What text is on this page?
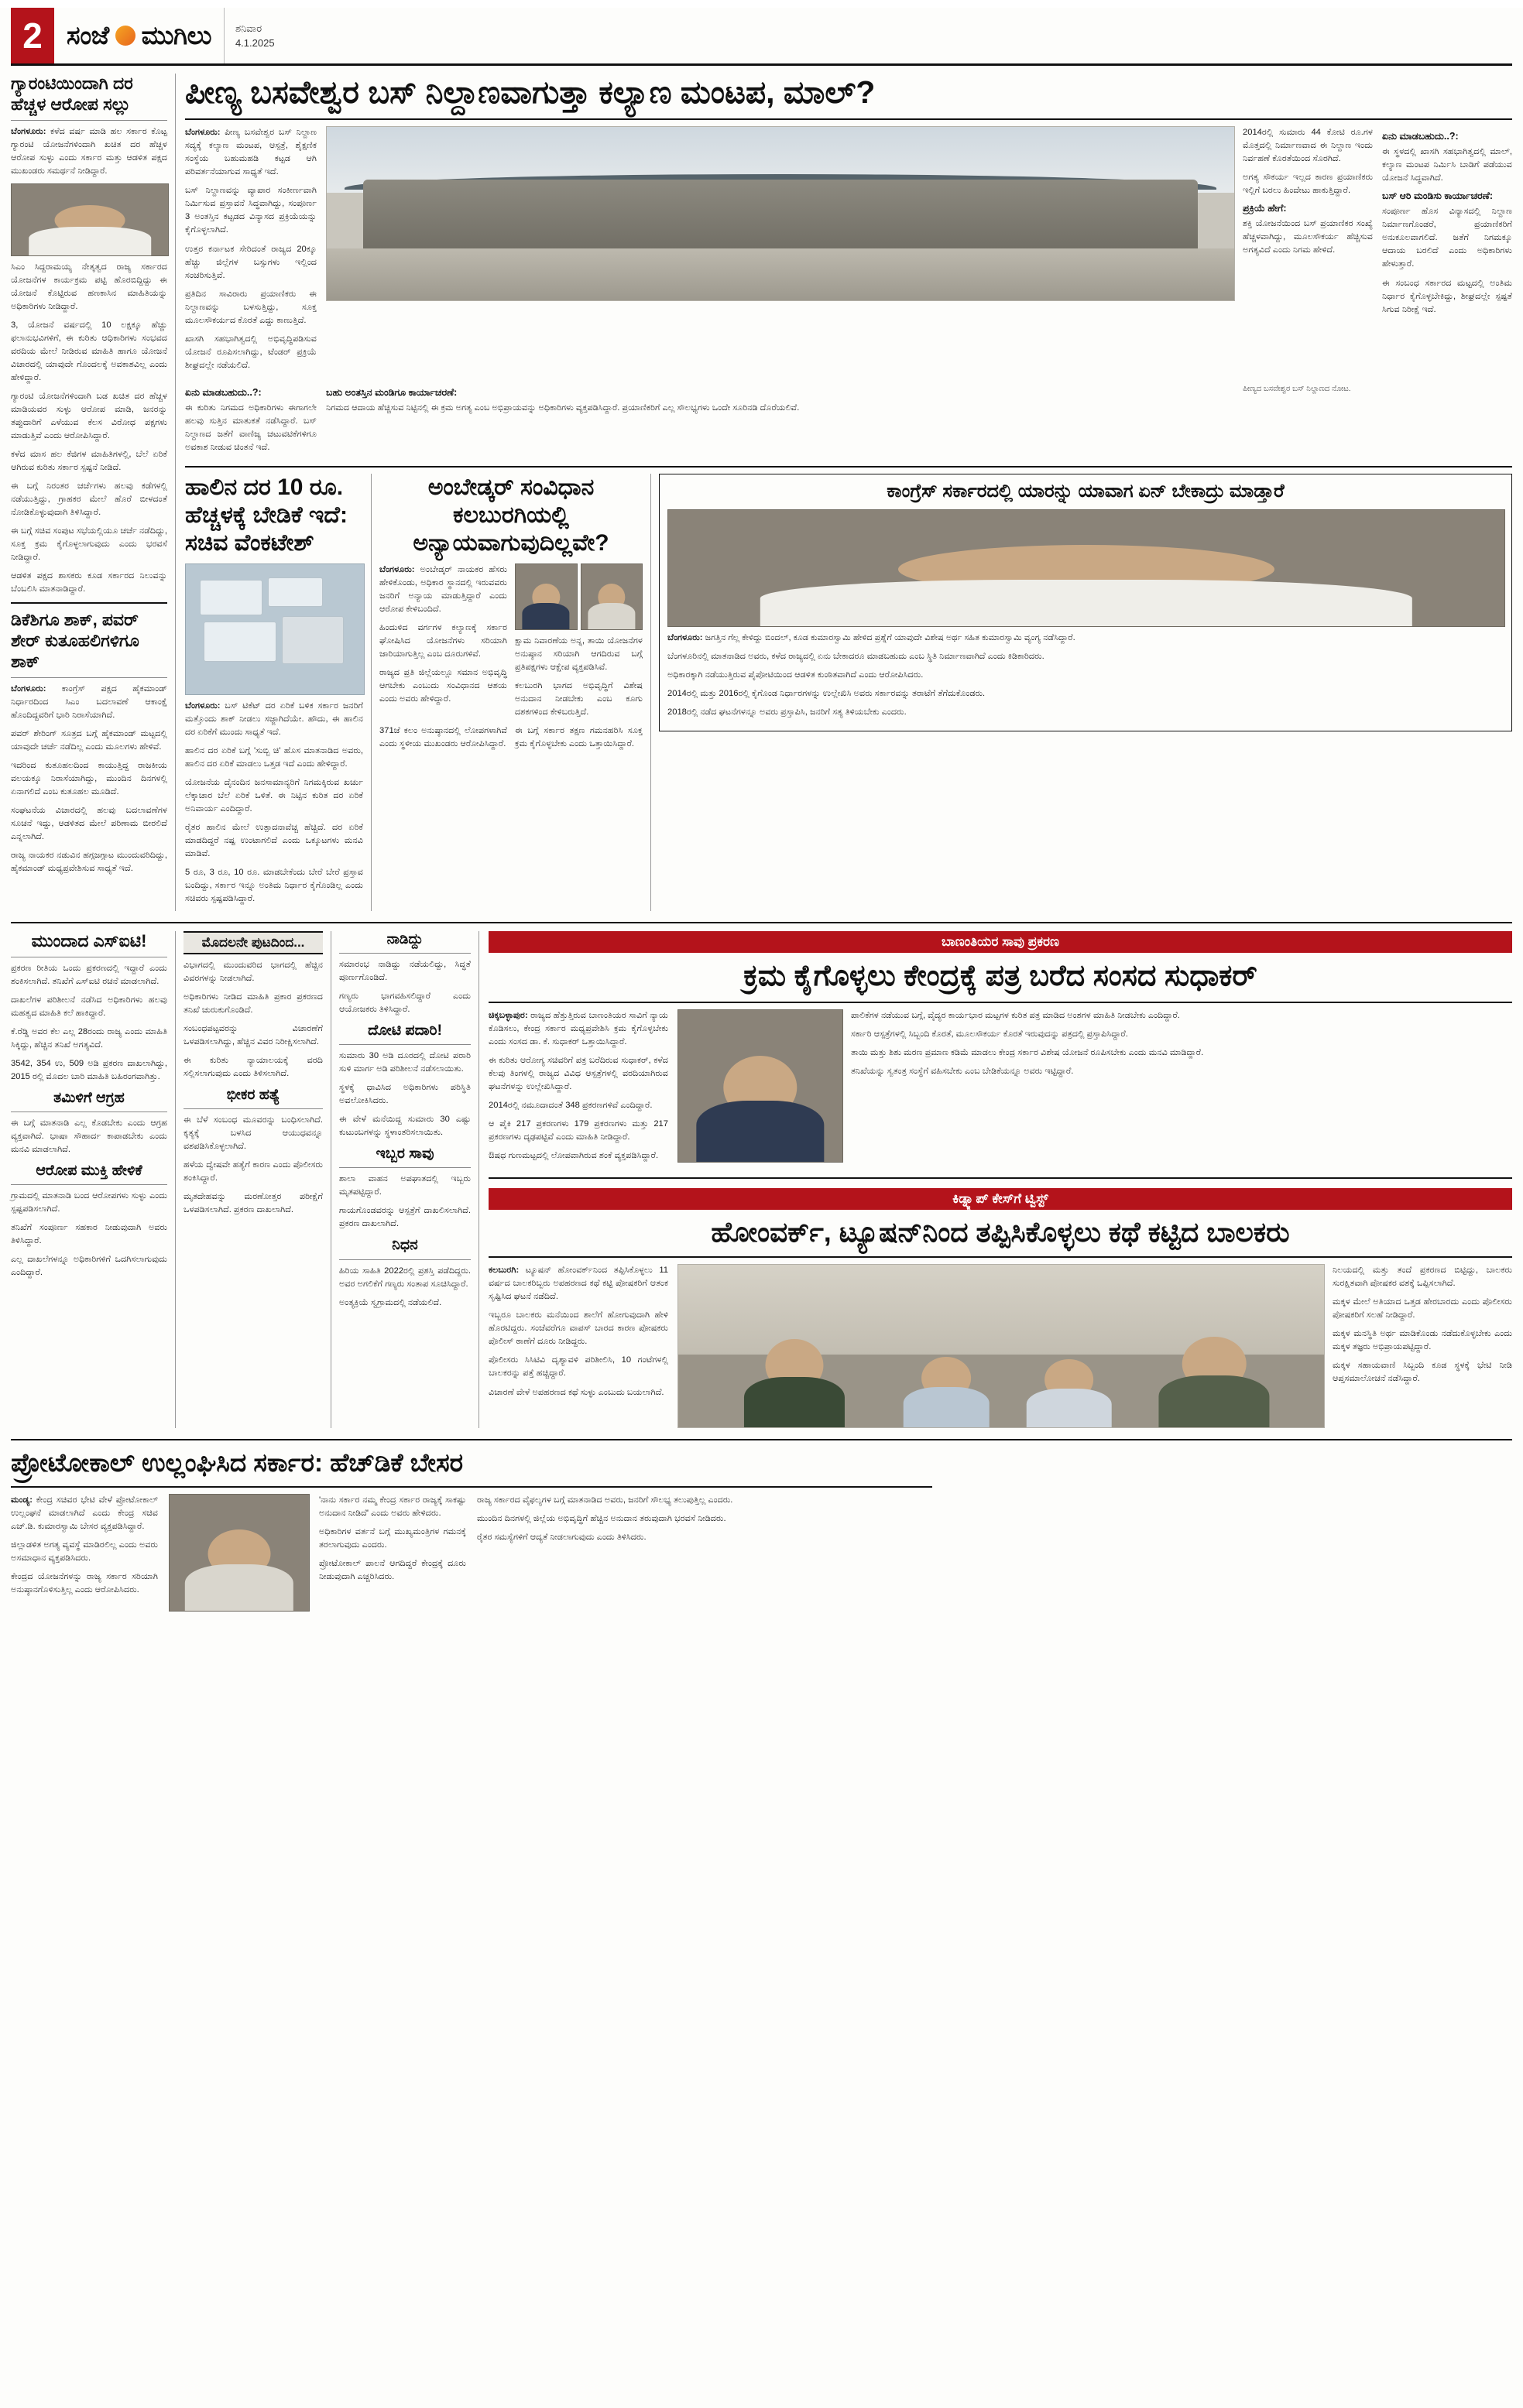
2 ಸಂಜೆ ಮುಗಿಲು ಶನಿವಾರ
4.1.2025
ಗ್ಯಾರಂಟಿಯಿಂದಾಗಿ ದರ ಹೆಚ್ಚಳ ಆರೋಪ ಸಲ್ಲು

ಬೆಂಗಳೂರು: ಕಳೆದ ವರ್ಷ ಮಾಡಿ ಹಲ ಸರ್ಕಾರ ಕೊಟ್ಟ ಗ್ಯಾರಂಟಿ ಯೋಜನೆಗಳಿಂದಾಗಿ ಖಚಿತ ದರ ಹೆಚ್ಚಳ ಆರೋಪ ಸುಳ್ಳು ಎಂದು ಸರ್ಕಾರ ಮತ್ತು ಆಡಳಿತ ಪಕ್ಷದ ಮುಖಂಡರು ಸಮರ್ಥನೆ ನೀಡಿದ್ದಾರೆ.

ಸಿಎಂ ಸಿದ್ದರಾಮಯ್ಯ ನೇತೃತ್ವದ ರಾಜ್ಯ ಸರ್ಕಾರದ ಯೋಜನೆಗಳ ಕಾರ್ಯಕ್ರಮ ಪಟ್ಟಿ ಹೊರಬಿದ್ದಿದ್ದು ಈ ಯೋಜನೆ ಕೊಟ್ಟಿರುವ ಹಣಕಾಸಿನ ಮಾಹಿತಿಯನ್ನು ಅಧಿಕಾರಿಗಳು ನೀಡಿದ್ದಾರೆ.

3, ಯೋಜನೆ ವರ್ಷದಲ್ಲಿ 10 ಲಕ್ಷಕ್ಕೂ ಹೆಚ್ಚು ಫಲಾನುಭವಿಗಳಿಗೆ, ಈ ಕುರಿತು ಆಧಿಕಾರಿಗಳು ಸಂಭವದ ವರದಿಯ ಮೇಲೆ ನೀಡಿರುವ ಮಾಹಿತಿ ಹಾಗೂ ಯೋಜನೆ ವಿಚಾರದಲ್ಲಿ ಯಾವುದೇ ಗೊಂದಲಕ್ಕೆ ಅವಕಾಶವಿಲ್ಲ ಎಂದು ಹೇಳಿದ್ದಾರೆ.

ಗ್ಯಾರಂಟಿ ಯೋಜನೆಗಳಿಂದಾಗಿ ಬಡ ಖಚಿತ ದರ ಹೆಚ್ಚಳ ಮಾಡಿಯವರ ಸುಳ್ಳು ಆರೋಪ ಮಾಡಿ, ಜನರನ್ನು ತಪ್ಪುದಾರಿಗೆ ಎಳೆಯುವ ಕೆಲಸ ವಿರೋಧ ಪಕ್ಷಗಳು ಮಾಡುತ್ತಿವೆ ಎಂದು ಆರೋಪಿಸಿದ್ದಾರೆ.

ಕಳೆದ ಮಾಸ ಹಲ ಕೆಜಿಗಳ ಮಾಹಿತಿಗಳಲ್ಲಿ, ಬೆಲೆ ಏರಿಕೆ ಆಗಿರುವ ಕುರಿತು ಸರ್ಕಾರ ಸ್ಪಷ್ಟನೆ ನೀಡಿದೆ.

ಈ ಬಗ್ಗೆ ನಿರಂತರ ಚರ್ಚೆಗಳು ಹಲವು ಕಡೆಗಳಲ್ಲಿ ನಡೆಯುತ್ತಿದ್ದು, ಗ್ರಾಹಕರ ಮೇಲೆ ಹೊರೆ ಬೀಳದಂತೆ ನೋಡಿಕೊಳ್ಳುವುದಾಗಿ ತಿಳಿಸಿದ್ದಾರೆ.

ಈ ಬಗ್ಗೆ ಸಚಿವ ಸಂಪುಟ ಸಭೆಯಲ್ಲಿಯೂ ಚರ್ಚೆ ನಡೆದಿದ್ದು, ಸೂಕ್ತ ಕ್ರಮ ಕೈಗೊಳ್ಳಲಾಗುವುದು ಎಂದು ಭರವಸೆ ನೀಡಿದ್ದಾರೆ.

ಆಡಳಿತ ಪಕ್ಷದ ಶಾಸಕರು ಕೂಡ ಸರ್ಕಾರದ ನಿಲುವನ್ನು ಬೆಂಬಲಿಸಿ ಮಾತನಾಡಿದ್ದಾರೆ.

ಡಿಕೆಶಿಗೂ ಶಾಕ್, ಪವರ್ ಶೇರ್ ಕುತೂಹಲಿಗಳಿಗೂ ಶಾಕ್

ಬೆಂಗಳೂರು: ಕಾಂಗ್ರೆಸ್ ಪಕ್ಷದ ಹೈಕಮಾಂಡ್ ನಿರ್ಧಾರದಿಂದ ಸಿಎಂ ಬದಲಾವಣೆ ಆಕಾಂಕ್ಷೆ ಹೊಂದಿದ್ದವರಿಗೆ ಭಾರಿ ನಿರಾಸೆಯಾಗಿದೆ.

ಪವರ್ ಶೇರಿಂಗ್ ಸೂತ್ರದ ಬಗ್ಗೆ ಹೈಕಮಾಂಡ್ ಮಟ್ಟದಲ್ಲಿ ಯಾವುದೇ ಚರ್ಚೆ ನಡೆದಿಲ್ಲ ಎಂದು ಮೂಲಗಳು ಹೇಳಿವೆ.

ಇದರಿಂದ ಕುತೂಹಲದಿಂದ ಕಾಯುತ್ತಿದ್ದ ರಾಜಕೀಯ ವಲಯಕ್ಕೂ ನಿರಾಸೆಯಾಗಿದ್ದು, ಮುಂದಿನ ದಿನಗಳಲ್ಲಿ ಏನಾಗಲಿದೆ ಎಂಬ ಕುತೂಹಲ ಮೂಡಿದೆ.

ಸಂಘಟನೆಯ ವಿಚಾರದಲ್ಲಿ ಹಲವು ಬದಲಾವಣೆಗಳ ಸೂಚನೆ ಇದ್ದು, ಆಡಳಿತದ ಮೇಲೆ ಪರಿಣಾಮ ಬೀರಲಿದೆ ಎನ್ನಲಾಗಿದೆ.

ರಾಜ್ಯ ನಾಯಕರ ನಡುವಿನ ಹಗ್ಗಜಗ್ಗಾಟ ಮುಂದುವರಿದಿದ್ದು, ಹೈಕಮಾಂಡ್ ಮಧ್ಯಪ್ರವೇಶಿಸುವ ಸಾಧ್ಯತೆ ಇದೆ.

ಪೀಣ್ಯ ಬಸವೇಶ್ವರ ಬಸ್ ನಿಲ್ದಾಣವಾಗುತ್ತಾ ಕಲ್ಯಾಣ ಮಂಟಪ, ಮಾಲ್?

ಬೆಂಗಳೂರು: ಪೀಣ್ಯ ಬಸವೇಶ್ವರ ಬಸ್ ನಿಲ್ದಾಣ ಸದ್ಯಕ್ಕೆ ಕಲ್ಯಾಣ ಮಂಟಪ, ಆಸ್ಪತ್ರೆ, ಶೈಕ್ಷಣಿಕ ಸಂಸ್ಥೆಯ ಬಹುಮಹಡಿ ಕಟ್ಟಡ ಆಗಿ ಪರಿವರ್ತನೆಯಾಗುವ ಸಾಧ್ಯತೆ ಇದೆ.

ಬಸ್ ನಿಲ್ದಾಣವನ್ನು ವ್ಯಾಪಾರ ಸಂಕೀರ್ಣವಾಗಿ ನಿರ್ಮಿಸುವ ಪ್ರಸ್ತಾವನೆ ಸಿದ್ಧವಾಗಿದ್ದು, ಸಂಪೂರ್ಣ 3 ಅಂತಸ್ತಿನ ಕಟ್ಟಡದ ವಿನ್ಯಾಸದ ಪ್ರಕ್ರಿಯೆಯನ್ನು ಕೈಗೊಳ್ಳಲಾಗಿದೆ.

ಉತ್ತರ ಕರ್ನಾಟಕ ಸೇರಿದಂತೆ ರಾಜ್ಯದ 20ಕ್ಕೂ ಹೆಚ್ಚು ಜಿಲ್ಲೆಗಳ ಬಸ್ಸುಗಳು ಇಲ್ಲಿಂದ ಸಂಚರಿಸುತ್ತಿವೆ.

ಪ್ರತಿದಿನ ಸಾವಿರಾರು ಪ್ರಯಾಣಿಕರು ಈ ನಿಲ್ದಾಣವನ್ನು ಬಳಸುತ್ತಿದ್ದು, ಸೂಕ್ತ ಮೂಲಸೌಕರ್ಯದ ಕೊರತೆ ಎದ್ದು ಕಾಣುತ್ತಿದೆ.

ಖಾಸಗಿ ಸಹಭಾಗಿತ್ವದಲ್ಲಿ ಅಭಿವೃದ್ಧಿಪಡಿಸುವ ಯೋಜನೆ ರೂಪಿಸಲಾಗಿದ್ದು, ಟೆಂಡರ್ ಪ್ರಕ್ರಿಯೆ ಶೀಘ್ರದಲ್ಲೇ ನಡೆಯಲಿದೆ.

2014ರಲ್ಲಿ ಸುಮಾರು 44 ಕೋಟಿ ರೂ.ಗಳ ಮೊತ್ತದಲ್ಲಿ ನಿರ್ಮಾಣವಾದ ಈ ನಿಲ್ದಾಣ ಇಂದು ನಿರ್ವಹಣೆ ಕೊರತೆಯಿಂದ ಸೊರಗಿದೆ.

ಅಗತ್ಯ ಸೌಕರ್ಯ ಇಲ್ಲದ ಕಾರಣ ಪ್ರಯಾಣಿಕರು ಇಲ್ಲಿಗೆ ಬರಲು ಹಿಂದೇಟು ಹಾಕುತ್ತಿದ್ದಾರೆ.

ಪ್ರಕ್ರಿಯೆ ಹೇಗೆ:

ಶಕ್ತಿ ಯೋಜನೆಯಿಂದ ಬಸ್ ಪ್ರಯಾಣಿಕರ ಸಂಖ್ಯೆ ಹೆಚ್ಚಳವಾಗಿದ್ದು, ಮೂಲಸೌಕರ್ಯ ಹೆಚ್ಚಿಸುವ ಅಗತ್ಯವಿದೆ ಎಂದು ನಿಗಮ ಹೇಳಿದೆ.

ಏನು ಮಾಡಬಹುದು..?:

ಈ ಸ್ಥಳದಲ್ಲಿ ಖಾಸಗಿ ಸಹಭಾಗಿತ್ವದಲ್ಲಿ ಮಾಲ್, ಕಲ್ಯಾಣ ಮಂಟಪ ನಿರ್ಮಿಸಿ ಬಾಡಿಗೆ ಪಡೆಯುವ ಯೋಜನೆ ಸಿದ್ಧವಾಗಿದೆ.

ಬಸ್ ಆರಿ ಮಂಡಿಸು ಕಾರ್ಯಾಚರಣೆ:

ಸಂಪೂರ್ಣ ಹೊಸ ವಿನ್ಯಾಸದಲ್ಲಿ ನಿಲ್ದಾಣ ನಿರ್ಮಾಣಗೊಂಡರೆ, ಪ್ರಯಾಣಿಕರಿಗೆ ಅನುಕೂಲವಾಗಲಿದೆ. ಜತೆಗೆ ನಿಗಮಕ್ಕೂ ಆದಾಯ ಬರಲಿದೆ ಎಂದು ಅಧಿಕಾರಿಗಳು ಹೇಳುತ್ತಾರೆ.

ಈ ಸಂಬಂಧ ಸರ್ಕಾರದ ಮಟ್ಟದಲ್ಲಿ ಅಂತಿಮ ನಿರ್ಧಾರ ಕೈಗೊಳ್ಳಬೇಕಿದ್ದು, ಶೀಘ್ರದಲ್ಲೇ ಸ್ಪಷ್ಟತೆ ಸಿಗುವ ನಿರೀಕ್ಷೆ ಇದೆ.

ಏನು ಮಾಡಬಹುದು..?:

ಈ ಕುರಿತು ನಿಗಮದ ಅಧಿಕಾರಿಗಳು ಈಗಾಗಲೇ ಹಲವು ಸುತ್ತಿನ ಮಾತುಕತೆ ನಡೆಸಿದ್ದಾರೆ. ಬಸ್ ನಿಲ್ದಾಣದ ಜತೆಗೆ ವಾಣಿಜ್ಯ ಚಟುವಟಿಕೆಗಳಿಗೂ ಅವಕಾಶ ನೀಡುವ ಚಿಂತನೆ ಇದೆ.

ಬಹು ಅಂತಸ್ತಿನ ಮಂಡಿಗೂ ಕಾರ್ಯಾಚರಣೆ:

ನಿಗಮದ ಆದಾಯ ಹೆಚ್ಚಿಸುವ ನಿಟ್ಟಿನಲ್ಲಿ ಈ ಕ್ರಮ ಅಗತ್ಯ ಎಂಬ ಅಭಿಪ್ರಾಯವನ್ನು ಅಧಿಕಾರಿಗಳು ವ್ಯಕ್ತಪಡಿಸಿದ್ದಾರೆ. ಪ್ರಯಾಣಿಕರಿಗೆ ಎಲ್ಲ ಸೌಲಭ್ಯಗಳು ಒಂದೇ ಸೂರಿನಡಿ ದೊರೆಯಲಿವೆ.

ಪೀಣ್ಯದ ಬಸವೇಶ್ವರ ಬಸ್ ನಿಲ್ದಾಣದ ನೋಟ.

ಹಾಲಿನ ದರ 10 ರೂ. ಹೆಚ್ಚಳಕ್ಕೆ ಬೇಡಿಕೆ ಇದೆ: ಸಚಿವ ವೆಂಕಟೇಶ್

ಬೆಂಗಳೂರು: ಬಸ್ ಟಿಕೆಟ್ ದರ ಏರಿಕೆ ಬಳಿಕ ಸರ್ಕಾರ ಜನರಿಗೆ ಮತ್ತೊಂದು ಶಾಕ್ ನೀಡಲು ಸಜ್ಜಾಗಿದೆಯೇ. ಹೌದು, ಈ ಹಾಲಿನ ದರ ಏರಿಕೆಗೆ ಮುಂದು ಸಾಧ್ಯತೆ ಇದೆ.

ಹಾಲಿನ ದರ ಏರಿಕೆ ಬಗ್ಗೆ 'ಸುಬ್ಬಿ ಚಿ' ಹೊಸ ಮಾತನಾಡಿದ ಅವರು, ಹಾಲಿನ ದರ ಏರಿಕೆ ಮಾಡಲು ಒತ್ತಡ ಇದೆ ಎಂದು ಹೇಳಿದ್ದಾರೆ.

ಯೋಜನೆಯ ದೈನಂದಿನ ಜನಸಾಮಾನ್ಯರಿಗೆ ನಿಗಮಕ್ಕಿರುವ ಖರ್ಚು ಲೆಕ್ಕಾಚಾರ ಬೆಲೆ ಏರಿಕೆ ಒಳಿತೆ. ಈ ನಿಟ್ಟಿನ ಕುರಿತ ದರ ಏರಿಕೆ ಅನಿವಾರ್ಯ ಎಂದಿದ್ದಾರೆ.

ರೈತರ ಹಾಲಿನ ಮೇಲೆ ಉತ್ಪಾದನಾವೆಚ್ಚ ಹೆಚ್ಚಿದೆ. ದರ ಏರಿಕೆ ಮಾಡದಿದ್ದರೆ ನಷ್ಟ ಉಂಟಾಗಲಿದೆ ಎಂದು ಒಕ್ಕೂಟಗಳು ಮನವಿ ಮಾಡಿವೆ.

5 ರೂ, 3 ರೂ, 10 ರೂ. ಮಾಡಬೇಕೆಂದು ಬೇರೆ ಬೇರೆ ಪ್ರಸ್ತಾವ ಬಂದಿದ್ದು, ಸರ್ಕಾರ ಇನ್ನೂ ಅಂತಿಮ ನಿರ್ಧಾರ ಕೈಗೊಂಡಿಲ್ಲ ಎಂದು ಸಚಿವರು ಸ್ಪಷ್ಟಪಡಿಸಿದ್ದಾರೆ.

ಅಂಬೇಡ್ಕರ್ ಸಂವಿಧಾನ ಕಲಬುರಗಿಯಲ್ಲಿ ಅನ್ಯಾಯವಾಗುವುದಿಲ್ಲವೇ?

ಬೆಂಗಳೂರು: ಅಂಬೇಡ್ಕರ್ ನಾಯಕರ ಹೆಸರು ಹೇಳಿಕೊಂಡು, ಅಧಿಕಾರ ಸ್ಥಾನದಲ್ಲಿ ಇರುವವರು ಜನರಿಗೆ ಅನ್ಯಾಯ ಮಾಡುತ್ತಿದ್ದಾರೆ ಎಂದು ಆರೋಪ ಕೇಳಿಬಂದಿದೆ.

ಹಿಂದುಳಿದ ವರ್ಗಗಳ ಕಲ್ಯಾಣಕ್ಕೆ ಸರ್ಕಾರ ಘೋಷಿಸಿದ ಯೋಜನೆಗಳು ಸರಿಯಾಗಿ ಜಾರಿಯಾಗುತ್ತಿಲ್ಲ ಎಂಬ ದೂರುಗಳಿವೆ.

ರಾಜ್ಯದ ಪ್ರತಿ ಜಿಲ್ಲೆಯಲ್ಲೂ ಸಮಾನ ಅಭಿವೃದ್ಧಿ ಆಗಬೇಕು ಎಂಬುದು ಸಂವಿಧಾನದ ಆಶಯ ಎಂದು ಅವರು ಹೇಳಿದ್ದಾರೆ.

ಕ್ಷಾಮ ನಿವಾರಣೆಯ ಅನ್ನ, ತಾಯಿ ಯೋಜನೆಗಳ ಅನುಷ್ಠಾನ ಸರಿಯಾಗಿ ಆಗದಿರುವ ಬಗ್ಗೆ ಪ್ರತಿಪಕ್ಷಗಳು ಆಕ್ಷೇಪ ವ್ಯಕ್ತಪಡಿಸಿವೆ.

ಕಲಬುರಗಿ ಭಾಗದ ಅಭಿವೃದ್ಧಿಗೆ ವಿಶೇಷ ಅನುದಾನ ನೀಡಬೇಕು ಎಂಬ ಕೂಗು ದಶಕಗಳಿಂದ ಕೇಳಿಬರುತ್ತಿದೆ.

371ಜೆ ಕಲಂ ಅನುಷ್ಠಾನದಲ್ಲಿ ಲೋಪಗಳಾಗಿವೆ ಎಂದು ಸ್ಥಳೀಯ ಮುಖಂಡರು ಆರೋಪಿಸಿದ್ದಾರೆ.

ಈ ಬಗ್ಗೆ ಸರ್ಕಾರ ತಕ್ಷಣ ಗಮನಹರಿಸಿ ಸೂಕ್ತ ಕ್ರಮ ಕೈಗೊಳ್ಳಬೇಕು ಎಂದು ಒತ್ತಾಯಿಸಿದ್ದಾರೆ.

ಕಾಂಗ್ರೆಸ್ ಸರ್ಕಾರದಲ್ಲಿ ಯಾರನ್ನು ಯಾವಾಗ ಏನ್ ಬೇಕಾದ್ರು ಮಾಡ್ತಾರೆ

ಬೆಂಗಳೂರು: ಜಗತ್ತಿನ ಗೆಲ್ಲ ಕೇಳಿದ್ದು ಬಿಂದಲ್, ಕೂಡ ಕುಮಾರಸ್ವಾಮಿ ಹೇಳಿದ ಪ್ರಶ್ನೆಗೆ ಯಾವುದೇ ವಿಶೇಷ ಅರ್ಥ ಸಹಿತ ಕುಮಾರಸ್ವಾಮಿ ವ್ಯಂಗ್ಯ ನಡೆಸಿದ್ದಾರೆ.

ಬೆಂಗಳೂರಿನಲ್ಲಿ ಮಾತನಾಡಿದ ಅವರು, ಕಳೆದ ರಾಜ್ಯದಲ್ಲಿ ಏನು ಬೇಕಾದರೂ ಮಾಡಬಹುದು ಎಂಬ ಸ್ಥಿತಿ ನಿರ್ಮಾಣವಾಗಿದೆ ಎಂದು ಕಿಡಿಕಾರಿದರು.

ಅಧಿಕಾರಕ್ಕಾಗಿ ನಡೆಯುತ್ತಿರುವ ಪೈಪೋಟಿಯಿಂದ ಆಡಳಿತ ಕುಂಠಿತವಾಗಿದೆ ಎಂದು ಆರೋಪಿಸಿದರು.

2014ರಲ್ಲಿ ಮತ್ತು 2016ರಲ್ಲಿ ಕೈಗೊಂಡ ನಿರ್ಧಾರಗಳನ್ನು ಉಲ್ಲೇಖಿಸಿ ಅವರು ಸರ್ಕಾರವನ್ನು ತರಾಟೆಗೆ ತೆಗೆದುಕೊಂಡರು.

2018ರಲ್ಲಿ ನಡೆದ ಘಟನೆಗಳನ್ನೂ ಅವರು ಪ್ರಸ್ತಾಪಿಸಿ, ಜನರಿಗೆ ಸತ್ಯ ತಿಳಿಯಬೇಕು ಎಂದರು.

ಮುಂದಾದ ಎಸ್ಐಟಿ!

ಪ್ರಕರಣ ರೀತಿಯ ಒಂದು ಪ್ರಕರಣದಲ್ಲಿ ಇದ್ದಾರೆ ಎಂದು ಶಂಕಿಸಲಾಗಿದೆ. ತನಿಖೆಗೆ ಎಸ್ಐಟಿ ರಚನೆ ಮಾಡಲಾಗಿದೆ.

ದಾಖಲೆಗಳ ಪರಿಶೀಲನೆ ನಡೆಸಿದ ಅಧಿಕಾರಿಗಳು ಹಲವು ಮಹತ್ವದ ಮಾಹಿತಿ ಕಲೆ ಹಾಕಿದ್ದಾರೆ.

ಕೆ.ರೆಡ್ಡಿ ಅವರ ಕೆಲ ಎಲ್ಲ 28ರಂದು ರಾಜ್ಯ ಎಂದು ಮಾಹಿತಿ ಸಿಕ್ಕಿದ್ದು, ಹೆಚ್ಚಿನ ತನಿಖೆ ಅಗತ್ಯವಿದೆ.

3542, 354 ಉ, 509 ಅಡಿ ಪ್ರಕರಣ ದಾಖಲಾಗಿದ್ದು, 2015 ರಲ್ಲಿ ಮೊದಲ ಬಾರಿ ಮಾಹಿತಿ ಬಹಿರಂಗವಾಗಿತ್ತು.

ತಮಿಳಿಗೆ ಆಗ್ರಹ

ಈ ಬಗ್ಗೆ ಮಾತನಾಡಿ ಎಲ್ಲ ಕೊಡಬೇಕು ಎಂದು ಆಗ್ರಹ ವ್ಯಕ್ತವಾಗಿದೆ. ಭಾಷಾ ಸೌಹಾರ್ದ ಕಾಪಾಡಬೇಕು ಎಂದು ಮನವಿ ಮಾಡಲಾಗಿದೆ.

ಆರೋಪ ಮುಕ್ತಿ ಹೇಳಿಕೆ

ಗ್ರಾಮದಲ್ಲಿ ಮಾತನಾಡಿ ಬಂದ ಆರೋಪಗಳು ಸುಳ್ಳು ಎಂದು ಸ್ಪಷ್ಟಪಡಿಸಲಾಗಿದೆ.

ತನಿಖೆಗೆ ಸಂಪೂರ್ಣ ಸಹಕಾರ ನೀಡುವುದಾಗಿ ಅವರು ತಿಳಿಸಿದ್ದಾರೆ.

ಎಲ್ಲ ದಾಖಲೆಗಳನ್ನೂ ಅಧಿಕಾರಿಗಳಿಗೆ ಒದಗಿಸಲಾಗುವುದು ಎಂದಿದ್ದಾರೆ.

ಮೊದಲನೇ ಪುಟದಿಂದ...

ವಿಭಾಗದಲ್ಲಿ ಮುಂದುವರಿದ ಭಾಗದಲ್ಲಿ ಹೆಚ್ಚಿನ ವಿವರಗಳನ್ನು ನೀಡಲಾಗಿದೆ.

ಅಧಿಕಾರಿಗಳು ನೀಡಿದ ಮಾಹಿತಿ ಪ್ರಕಾರ ಪ್ರಕರಣದ ತನಿಖೆ ಚುರುಕುಗೊಂಡಿದೆ.

ಸಂಬಂಧಪಟ್ಟವರನ್ನು ವಿಚಾರಣೆಗೆ ಒಳಪಡಿಸಲಾಗಿದ್ದು, ಹೆಚ್ಚಿನ ವಿವರ ನಿರೀಕ್ಷಿಸಲಾಗಿದೆ.

ಈ ಕುರಿತು ನ್ಯಾಯಾಲಯಕ್ಕೆ ವರದಿ ಸಲ್ಲಿಸಲಾಗುವುದು ಎಂದು ತಿಳಿಸಲಾಗಿದೆ.

ಭೀಕರ ಹತ್ಯೆ

ಈ ಬೆಳೆ ಸಂಬಂಧ ಮೂವರನ್ನು ಬಂಧಿಸಲಾಗಿದೆ. ಕೃತ್ಯಕ್ಕೆ ಬಳಸಿದ ಆಯುಧವನ್ನೂ ವಶಪಡಿಸಿಕೊಳ್ಳಲಾಗಿದೆ.

ಹಳೆಯ ದ್ವೇಷವೇ ಹತ್ಯೆಗೆ ಕಾರಣ ಎಂದು ಪೊಲೀಸರು ಶಂಕಿಸಿದ್ದಾರೆ.

ಮೃತದೇಹವನ್ನು ಮರಣೋತ್ತರ ಪರೀಕ್ಷೆಗೆ ಒಳಪಡಿಸಲಾಗಿದೆ. ಪ್ರಕರಣ ದಾಖಲಾಗಿದೆ.

ನಾಡಿದ್ದು

ಸಮಾರಂಭ ನಾಡಿದ್ದು ನಡೆಯಲಿದ್ದು, ಸಿದ್ಧತೆ ಪೂರ್ಣಗೊಂಡಿದೆ.

ಗಣ್ಯರು ಭಾಗವಹಿಸಲಿದ್ದಾರೆ ಎಂದು ಆಯೋಜಕರು ತಿಳಿಸಿದ್ದಾರೆ.

ದೋಟಿ ಪದಾರಿ!

ಸುಮಾರು 30 ಅಡಿ ದೂರದಲ್ಲಿ ದೋಟಿ ಪರಾರಿ ಸುಳಿ ಮಾರ್ಗ ಅಡಿ ಪರಿಶೀಲನೆ ನಡೆಸಲಾಯಿತು.

ಸ್ಥಳಕ್ಕೆ ಧಾವಿಸಿದ ಅಧಿಕಾರಿಗಳು ಪರಿಸ್ಥಿತಿ ಅವಲೋಕಿಸಿದರು.

ಈ ವೇಳೆ ಮನೆಯಿದ್ದ ಸುಮಾರು 30 ಎಷ್ಟು ಕುಟುಂಬಗಳನ್ನು ಸ್ಥಳಾಂತರಿಸಲಾಯಿತು.

ಇಬ್ಬರ ಸಾವು

ಶಾಲಾ ವಾಹನ ಅಪಘಾತದಲ್ಲಿ ಇಬ್ಬರು ಮೃತಪಟ್ಟಿದ್ದಾರೆ.

ಗಾಯಗೊಂಡವರನ್ನು ಆಸ್ಪತ್ರೆಗೆ ದಾಖಲಿಸಲಾಗಿದೆ. ಪ್ರಕರಣ ದಾಖಲಾಗಿದೆ.

ನಿಧನ

ಹಿರಿಯ ಸಾಹಿತಿ 2022ರಲ್ಲಿ ಪ್ರಶಸ್ತಿ ಪಡೆದಿದ್ದರು. ಅವರ ಅಗಲಿಕೆಗೆ ಗಣ್ಯರು ಸಂತಾಪ ಸೂಚಿಸಿದ್ದಾರೆ.

ಅಂತ್ಯಕ್ರಿಯೆ ಸ್ವಗ್ರಾಮದಲ್ಲಿ ನಡೆಯಲಿದೆ.

ಬಾಣಂತಿಯರ ಸಾವು ಪ್ರಕರಣ
ಕ್ರಮ ಕೈಗೊಳ್ಳಲು ಕೇಂದ್ರಕ್ಕೆ ಪತ್ರ ಬರೆದ ಸಂಸದ ಸುಧಾಕರ್

ಚಿಕ್ಕಬಳ್ಳಾಪುರ: ರಾಜ್ಯದ ಹೆತ್ತುತ್ತಿರುವ ಬಾಣಂತಿಯರ ಸಾವಿಗೆ ನ್ಯಾಯ ಕೊಡಿಸಲು, ಕೇಂದ್ರ ಸರ್ಕಾರ ಮಧ್ಯಪ್ರವೇಶಿಸಿ ಕ್ರಮ ಕೈಗೊಳ್ಳಬೇಕು ಎಂದು ಸಂಸದ ಡಾ. ಕೆ. ಸುಧಾಕರ್ ಒತ್ತಾಯಿಸಿದ್ದಾರೆ.

ಈ ಕುರಿತು ಆರೋಗ್ಯ ಸಚಿವರಿಗೆ ಪತ್ರ ಬರೆದಿರುವ ಸುಧಾಕರ್, ಕಳೆದ ಕೆಲವು ತಿಂಗಳಲ್ಲಿ ರಾಜ್ಯದ ವಿವಿಧ ಆಸ್ಪತ್ರೆಗಳಲ್ಲಿ ವರದಿಯಾಗಿರುವ ಘಟನೆಗಳನ್ನು ಉಲ್ಲೇಖಿಸಿದ್ದಾರೆ.

2014ರಲ್ಲಿ ನಮೂದಾದಂತೆ 348 ಪ್ರಕರಣಗಳಿವೆ ಎಂದಿದ್ದಾರೆ.

ಆ ಪೈಕಿ 217 ಪ್ರಕರಣಗಳು 179 ಪ್ರಕರಣಗಳು ಮತ್ತು 217 ಪ್ರಕರಣಗಳು ದೃಢಪಟ್ಟಿವೆ ಎಂದು ಮಾಹಿತಿ ನೀಡಿದ್ದಾರೆ.

ಔಷಧ ಗುಣಮಟ್ಟದಲ್ಲಿ ಲೋಪವಾಗಿರುವ ಶಂಕೆ ವ್ಯಕ್ತಪಡಿಸಿದ್ದಾರೆ.

ಪಾಲಿಕೆಗಳ ನಡೆಯುವ ಬಗ್ಗೆ, ವೈದ್ಯರ ಕಾರ್ಯಭಾರ ಮಟ್ಟಗಳ ಕುರಿತ ಪತ್ರ ಮಾಡಿದ ಅಂಶಗಳ ಮಾಹಿತಿ ನೀಡಬೇಕು ಎಂದಿದ್ದಾರೆ.

ಸರ್ಕಾರಿ ಆಸ್ಪತ್ರೆಗಳಲ್ಲಿ ಸಿಬ್ಬಂದಿ ಕೊರತೆ, ಮೂಲಸೌಕರ್ಯ ಕೊರತೆ ಇರುವುದನ್ನು ಪತ್ರದಲ್ಲಿ ಪ್ರಸ್ತಾಪಿಸಿದ್ದಾರೆ.

ತಾಯಿ ಮತ್ತು ಶಿಶು ಮರಣ ಪ್ರಮಾಣ ಕಡಿಮೆ ಮಾಡಲು ಕೇಂದ್ರ ಸರ್ಕಾರ ವಿಶೇಷ ಯೋಜನೆ ರೂಪಿಸಬೇಕು ಎಂದು ಮನವಿ ಮಾಡಿದ್ದಾರೆ.

ತನಿಖೆಯನ್ನು ಸ್ವತಂತ್ರ ಸಂಸ್ಥೆಗೆ ವಹಿಸಬೇಕು ಎಂಬ ಬೇಡಿಕೆಯನ್ನೂ ಅವರು ಇಟ್ಟಿದ್ದಾರೆ.

ಕಿಡ್ನ್ಯಾಪ್ ಕೇಸ್‌ಗೆ ಟ್ವಿಸ್ಟ್
ಹೋಂವರ್ಕ್, ಟ್ಯೂಷನ್‌ನಿಂದ ತಪ್ಪಿಸಿಕೊಳ್ಳಲು ಕಥೆ ಕಟ್ಟಿದ ಬಾಲಕರು

ಕಲಬುರಗಿ: ಟ್ಯೂಷನ್ ಹೋಂವರ್ಕ್‌ನಿಂದ ತಪ್ಪಿಸಿಕೊಳ್ಳಲು 11 ವರ್ಷದ ಬಾಲಕರಿಬ್ಬರು ಅಪಹರಣದ ಕಥೆ ಕಟ್ಟಿ ಪೋಷಕರಿಗೆ ಆತಂಕ ಸೃಷ್ಟಿಸಿದ ಘಟನೆ ನಡೆದಿದೆ.

ಇಬ್ಬರೂ ಬಾಲಕರು ಮನೆಯಿಂದ ಶಾಲೆಗೆ ಹೋಗುವುದಾಗಿ ಹೇಳಿ ಹೊರಟಿದ್ದರು. ಸಂಜೆವರೆಗೂ ವಾಪಸ್ ಬಾರದ ಕಾರಣ ಪೋಷಕರು ಪೊಲೀಸ್ ಠಾಣೆಗೆ ದೂರು ನೀಡಿದ್ದರು.

ಪೊಲೀಸರು ಸಿಸಿಟಿವಿ ದೃಶ್ಯಾವಳಿ ಪರಿಶೀಲಿಸಿ, 10 ಗಂಟೆಗಳಲ್ಲಿ ಬಾಲಕರನ್ನು ಪತ್ತೆ ಹಚ್ಚಿದ್ದಾರೆ.

ವಿಚಾರಣೆ ವೇಳೆ ಅಪಹರಣದ ಕಥೆ ಸುಳ್ಳು ಎಂಬುದು ಬಯಲಾಗಿದೆ.

ನಿಲಯದಲ್ಲಿ ಮತ್ತು ತಂದೆ ಪ್ರಕರಣದ ಬಿಟ್ಟಿದ್ದು, ಬಾಲಕರು ಸುರಕ್ಷಿತವಾಗಿ ಪೋಷಕರ ವಶಕ್ಕೆ ಒಪ್ಪಿಸಲಾಗಿದೆ.

ಮಕ್ಕಳ ಮೇಲೆ ಅತಿಯಾದ ಒತ್ತಡ ಹೇರಬಾರದು ಎಂದು ಪೊಲೀಸರು ಪೋಷಕರಿಗೆ ಸಲಹೆ ನೀಡಿದ್ದಾರೆ.

ಮಕ್ಕಳ ಮನಸ್ಥಿತಿ ಅರ್ಥ ಮಾಡಿಕೊಂಡು ನಡೆದುಕೊಳ್ಳಬೇಕು ಎಂದು ಮಕ್ಕಳ ತಜ್ಞರು ಅಭಿಪ್ರಾಯಪಟ್ಟಿದ್ದಾರೆ.

ಮಕ್ಕಳ ಸಹಾಯವಾಣಿ ಸಿಬ್ಬಂದಿ ಕೂಡ ಸ್ಥಳಕ್ಕೆ ಭೇಟಿ ನೀಡಿ ಆಪ್ತಸಮಾಲೋಚನೆ ನಡೆಸಿದ್ದಾರೆ.

ಪ್ರೋಟೋಕಾಲ್ ಉಲ್ಲಂಘಿಸಿದ ಸರ್ಕಾರ: ಹೆಚ್‌ಡಿಕೆ ಬೇಸರ

ಮಂಡ್ಯ: ಕೇಂದ್ರ ಸಚಿವರ ಭೇಟಿ ವೇಳೆ ಪ್ರೋಟೋಕಾಲ್ ಉಲ್ಲಂಘನೆ ಮಾಡಲಾಗಿದೆ ಎಂದು ಕೇಂದ್ರ ಸಚಿವ ಎಚ್.ಡಿ. ಕುಮಾರಸ್ವಾಮಿ ಬೇಸರ ವ್ಯಕ್ತಪಡಿಸಿದ್ದಾರೆ.

ಜಿಲ್ಲಾಡಳಿತ ಅಗತ್ಯ ವ್ಯವಸ್ಥೆ ಮಾಡಿರಲಿಲ್ಲ ಎಂದು ಅವರು ಅಸಮಾಧಾನ ವ್ಯಕ್ತಪಡಿಸಿದರು.

ಕೇಂದ್ರದ ಯೋಜನೆಗಳನ್ನು ರಾಜ್ಯ ಸರ್ಕಾರ ಸರಿಯಾಗಿ ಅನುಷ್ಠಾನಗೊಳಿಸುತ್ತಿಲ್ಲ ಎಂದು ಆರೋಪಿಸಿದರು.

'ನಾನು ಸರ್ಕಾರ ನಮ್ಮ ಕೇಂದ್ರ ಸರ್ಕಾರ ರಾಜ್ಯಕ್ಕೆ ಸಾಕಷ್ಟು ಅನುದಾನ ನೀಡಿದೆ' ಎಂದು ಅವರು ಹೇಳಿದರು.

ಅಧಿಕಾರಿಗಳ ವರ್ತನೆ ಬಗ್ಗೆ ಮುಖ್ಯಮಂತ್ರಿಗಳ ಗಮನಕ್ಕೆ ತರಲಾಗುವುದು ಎಂದರು.

ಪ್ರೋಟೋಕಾಲ್ ಪಾಲನೆ ಆಗದಿದ್ದರೆ ಕೇಂದ್ರಕ್ಕೆ ದೂರು ನೀಡುವುದಾಗಿ ಎಚ್ಚರಿಸಿದರು.

ರಾಜ್ಯ ಸರ್ಕಾರದ ವೈಫಲ್ಯಗಳ ಬಗ್ಗೆ ಮಾತನಾಡಿದ ಅವರು, ಜನರಿಗೆ ಸೌಲಭ್ಯ ತಲುಪುತ್ತಿಲ್ಲ ಎಂದರು.

ಮುಂದಿನ ದಿನಗಳಲ್ಲಿ ಜಿಲ್ಲೆಯ ಅಭಿವೃದ್ಧಿಗೆ ಹೆಚ್ಚಿನ ಅನುದಾನ ತರುವುದಾಗಿ ಭರವಸೆ ನೀಡಿದರು.

ರೈತರ ಸಮಸ್ಯೆಗಳಿಗೆ ಆದ್ಯತೆ ನೀಡಲಾಗುವುದು ಎಂದು ತಿಳಿಸಿದರು.
